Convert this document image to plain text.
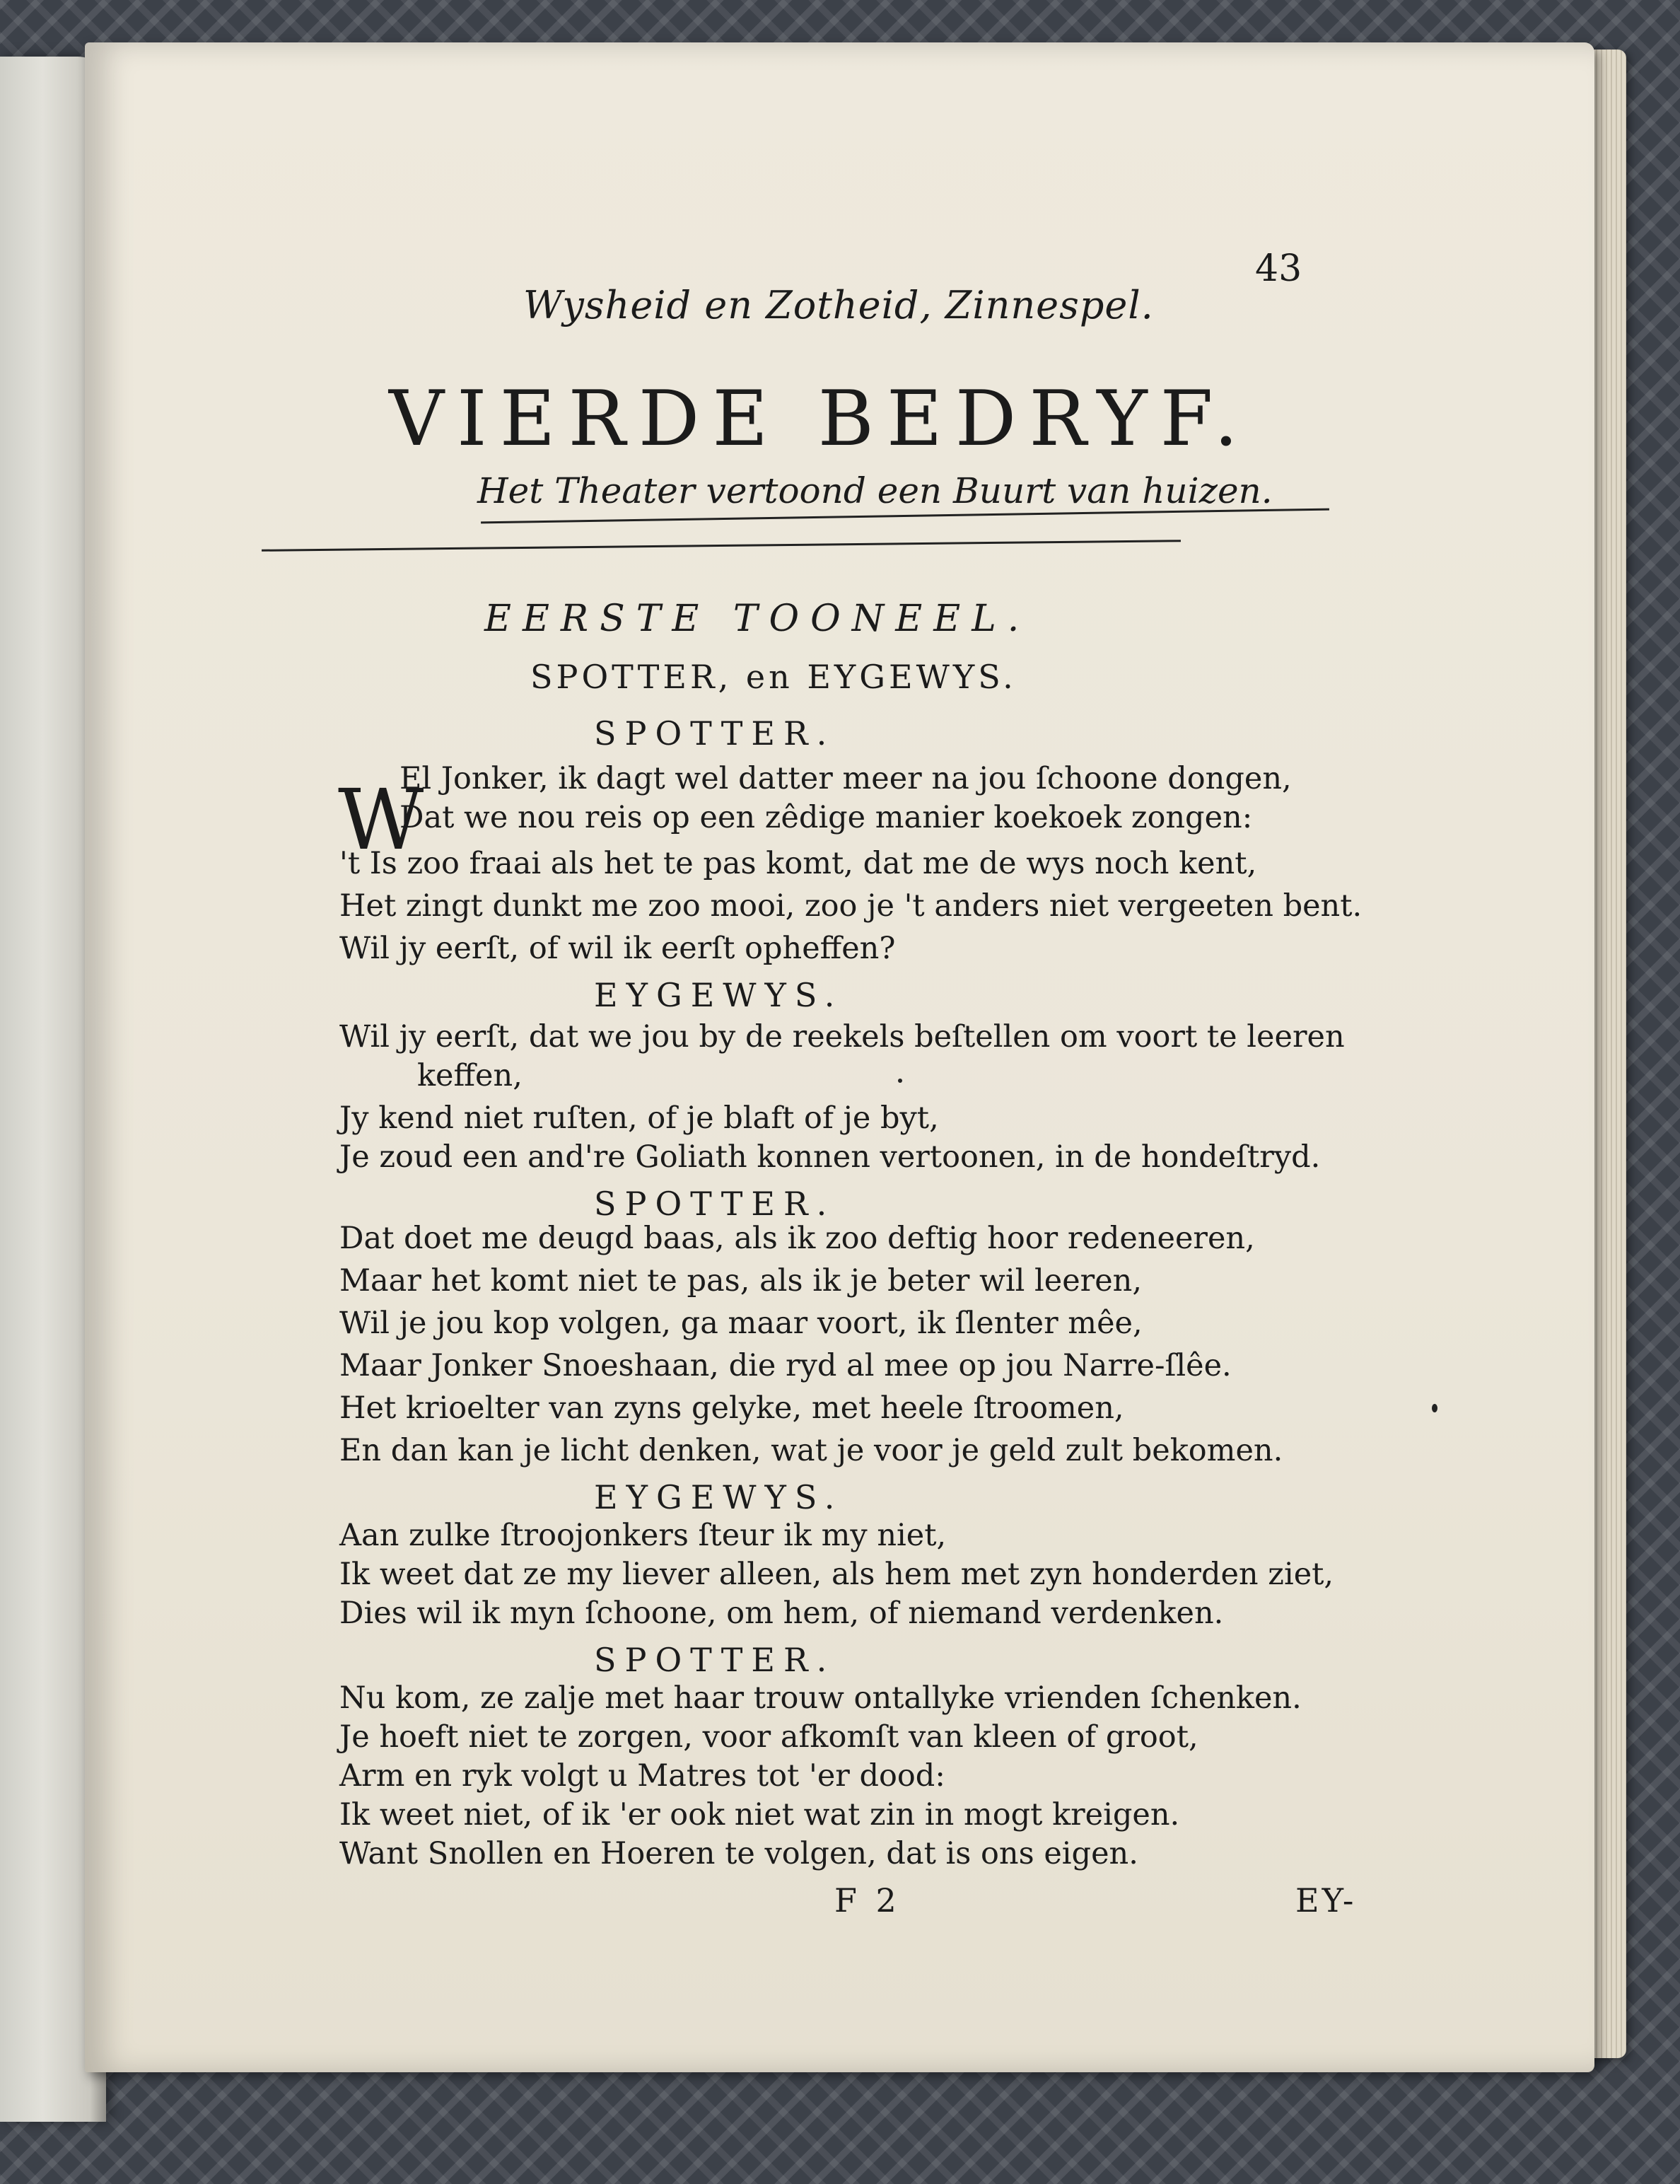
Wysheid en Zotheid, Zinnespel.
43
VIERDE BEDRYF.
Het Theater vertoond een Buurt van huizen.
EERSTE TOONEEL.
SPOTTER, en EYGEWYS.
SPOTTER.
W
El Jonker, ik dagt wel datter meer na jou ſchoone dongen,
Dat we nou reis op een zêdige manier koekoek zongen:
't Is zoo fraai als het te pas komt, dat me de wys noch kent,
Het zingt dunkt me zoo mooi, zoo je 't anders niet vergeeten bent.
Wil jy eerſt, of wil ik eerſt opheffen?
EYGEWYS.
Wil jy eerſt, dat we jou by de reekels beſtellen om voort te leeren
keffen,
Jy kend niet ruſten, of je blaft of je byt,
Je zoud een and're Goliath konnen vertoonen, in de hondeſtryd.
SPOTTER.
Dat doet me deugd baas, als ik zoo deftig hoor redeneeren,
Maar het komt niet te pas, als ik je beter wil leeren,
Wil je jou kop volgen, ga maar voort, ik ſlenter mêe,
Maar Jonker Snoeshaan, die ryd al mee op jou Narre-ſlêe.
Het krioelter van zyns gelyke, met heele ſtroomen,
En dan kan je licht denken, wat je voor je geld zult bekomen.
EYGEWYS.
Aan zulke ſtroojonkers ſteur ik my niet,
Ik weet dat ze my liever alleen, als hem met zyn honderden ziet,
Dies wil ik myn ſchoone, om hem, of niemand verdenken.
SPOTTER.
Nu kom, ze zalje met haar trouw ontallyke vrienden ſchenken.
Je hoeft niet te zorgen, voor afkomſt van kleen of groot,
Arm en ryk volgt u Matres tot 'er dood:
Ik weet niet, of ik 'er ook niet wat zin in mogt kreigen.
Want Snollen en Hoeren te volgen, dat is ons eigen.
F 2	EY-
